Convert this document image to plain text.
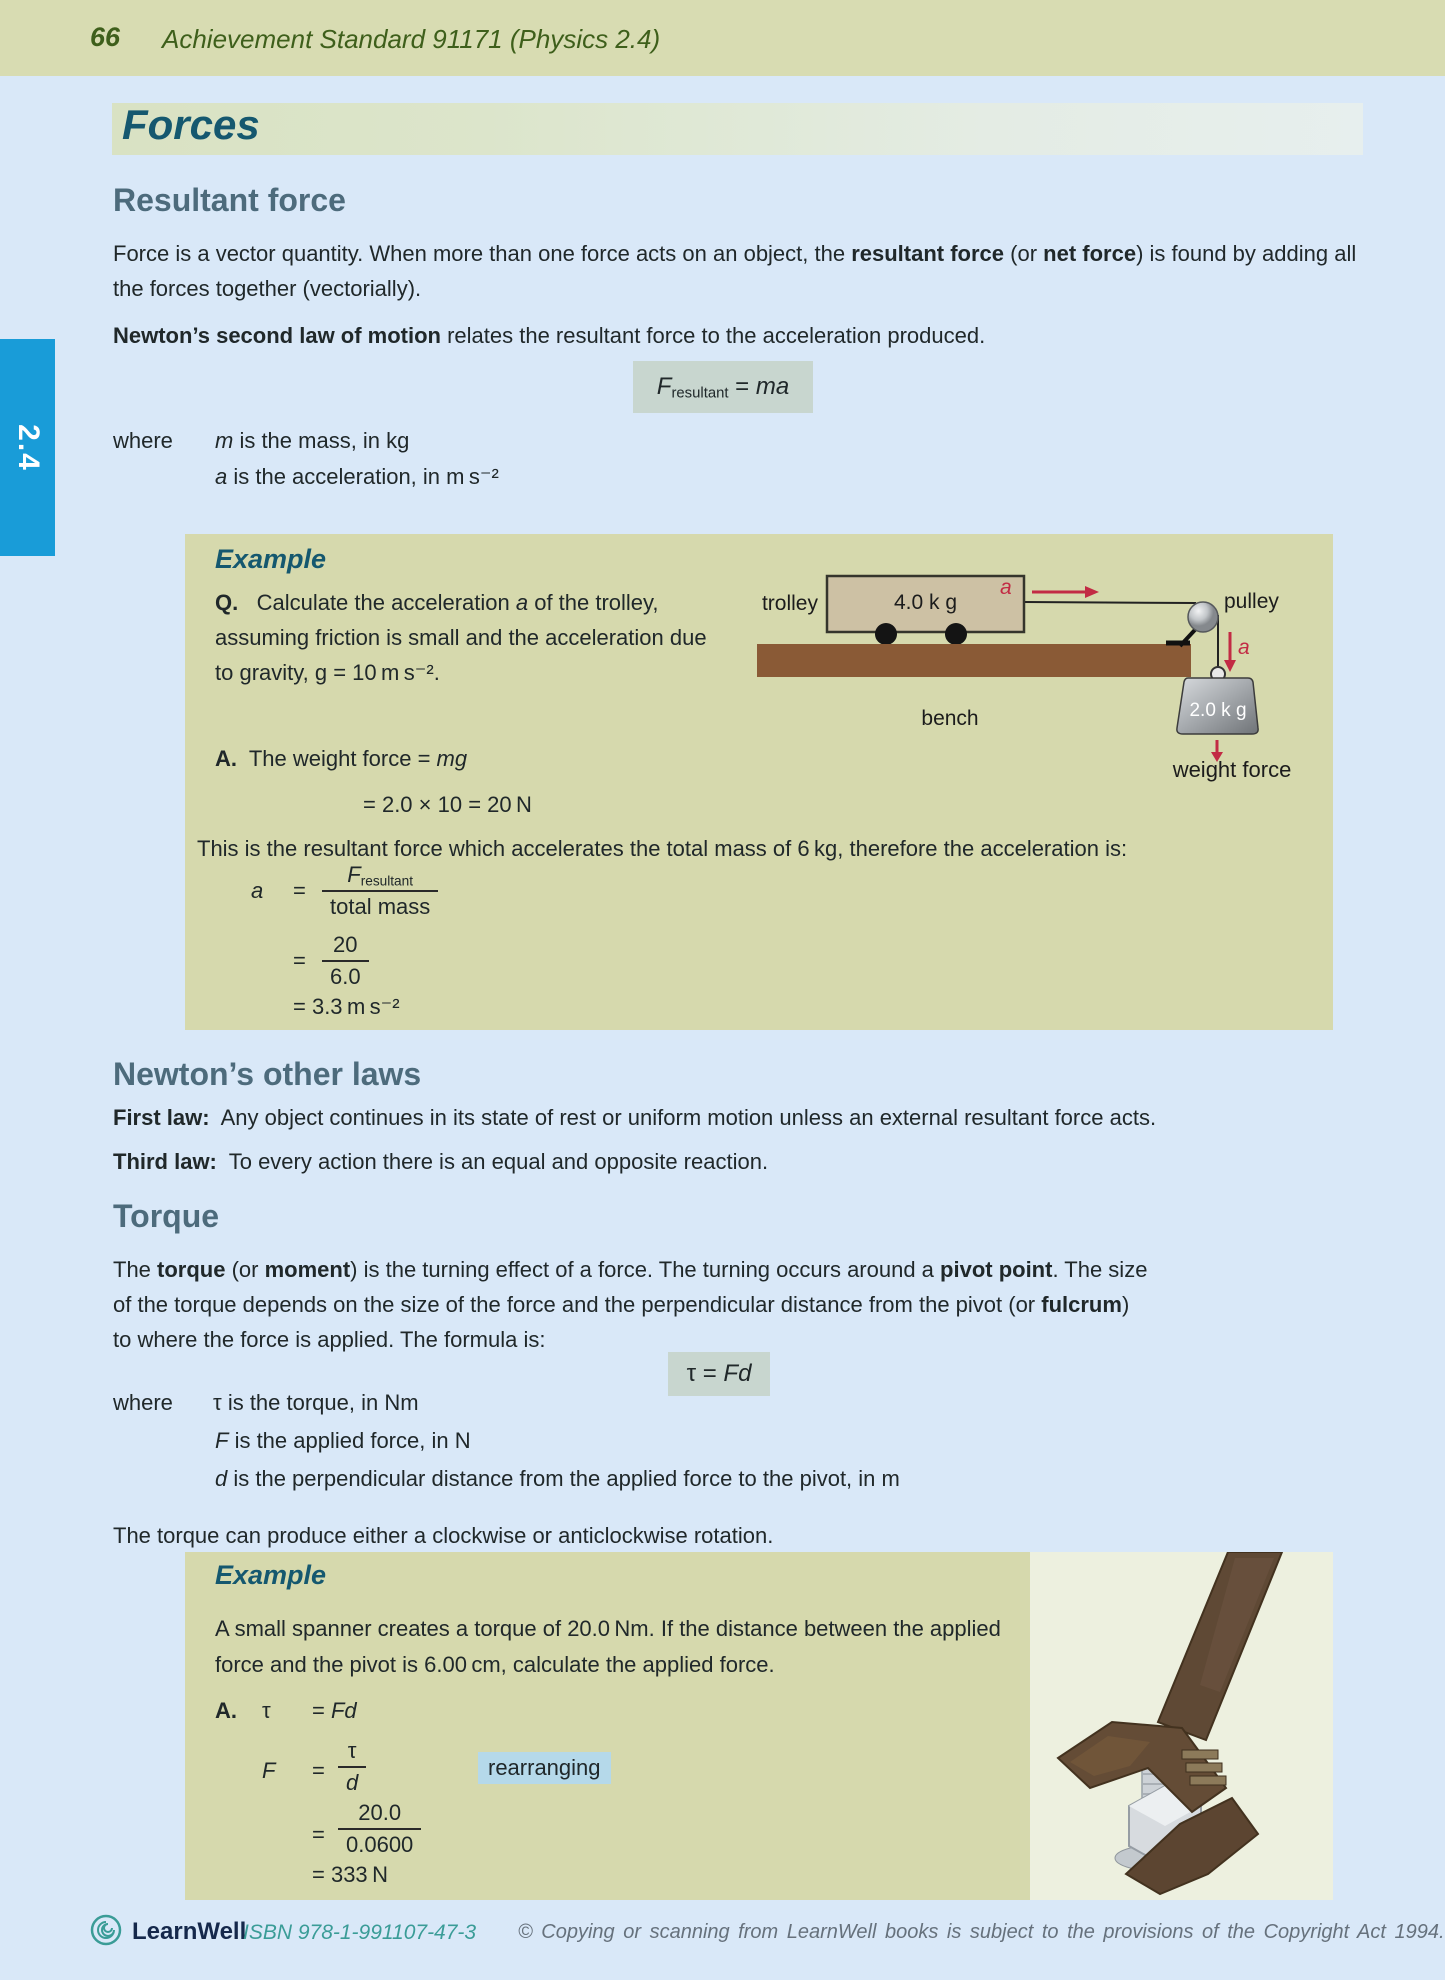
66 Achievement Standard 91171 (Physics 2.4)
Forces
2.4
Resultant force
Force is a vector quantity. When more than one force acts on an object, the resultant force (or net force) is found by adding all the forces together (vectorially).
Newton’s second law of motion relates the resultant force to the acceleration produced.
Fresultant = ma
where m is the mass, in kg
a is the acceleration, in m s⁻²
Example
Q.   Calculate the acceleration a of the trolley,
assuming friction is small and the acceleration due
to gravity, g = 10 m s⁻².
A.  The weight force = mg
= 2.0 × 10 = 20 N
This is the resultant force which accelerates the total mass of 6 kg, therefore the acceleration is:
a =
Fresultant
total mass
= $\frac{20}{6.0}$
= 3.3 m s⁻²
trolley	4.0 k g
a
pulley
a
bench	2.0 k g
weight force
Newton’s other laws
First law:  Any object continues in its state of rest or uniform motion unless an external resultant force acts.
Third law:  To every action there is an equal and opposite reaction.
Torque
The torque (or moment) is the turning effect of a force. The turning occurs around a pivot point. The size
of the torque depends on the size of the force and the perpendicular distance from the pivot (or fulcrum)
to where the force is applied. The formula is:
τ = Fd
where τ is the torque, in Nm
F is the applied force, in N
d is the perpendicular distance from the applied force to the pivot, in m
The torque can produce either a clockwise or anticlockwise rotation.
Example
A small spanner creates a torque of 20.0 Nm. If the distance between the applied
force and the pivot is 6.00 cm, calculate the applied force.
A. τ = Fd
$F = \frac{\tau}{d}$	rearranging
= $\frac{20.0}{0.0600}$
= 333 N
LearnWell
ISBN 978-1-991107-47-3 © Copying or scanning from LearnWell books is subject to the provisions of the Copyright Act 1994.
